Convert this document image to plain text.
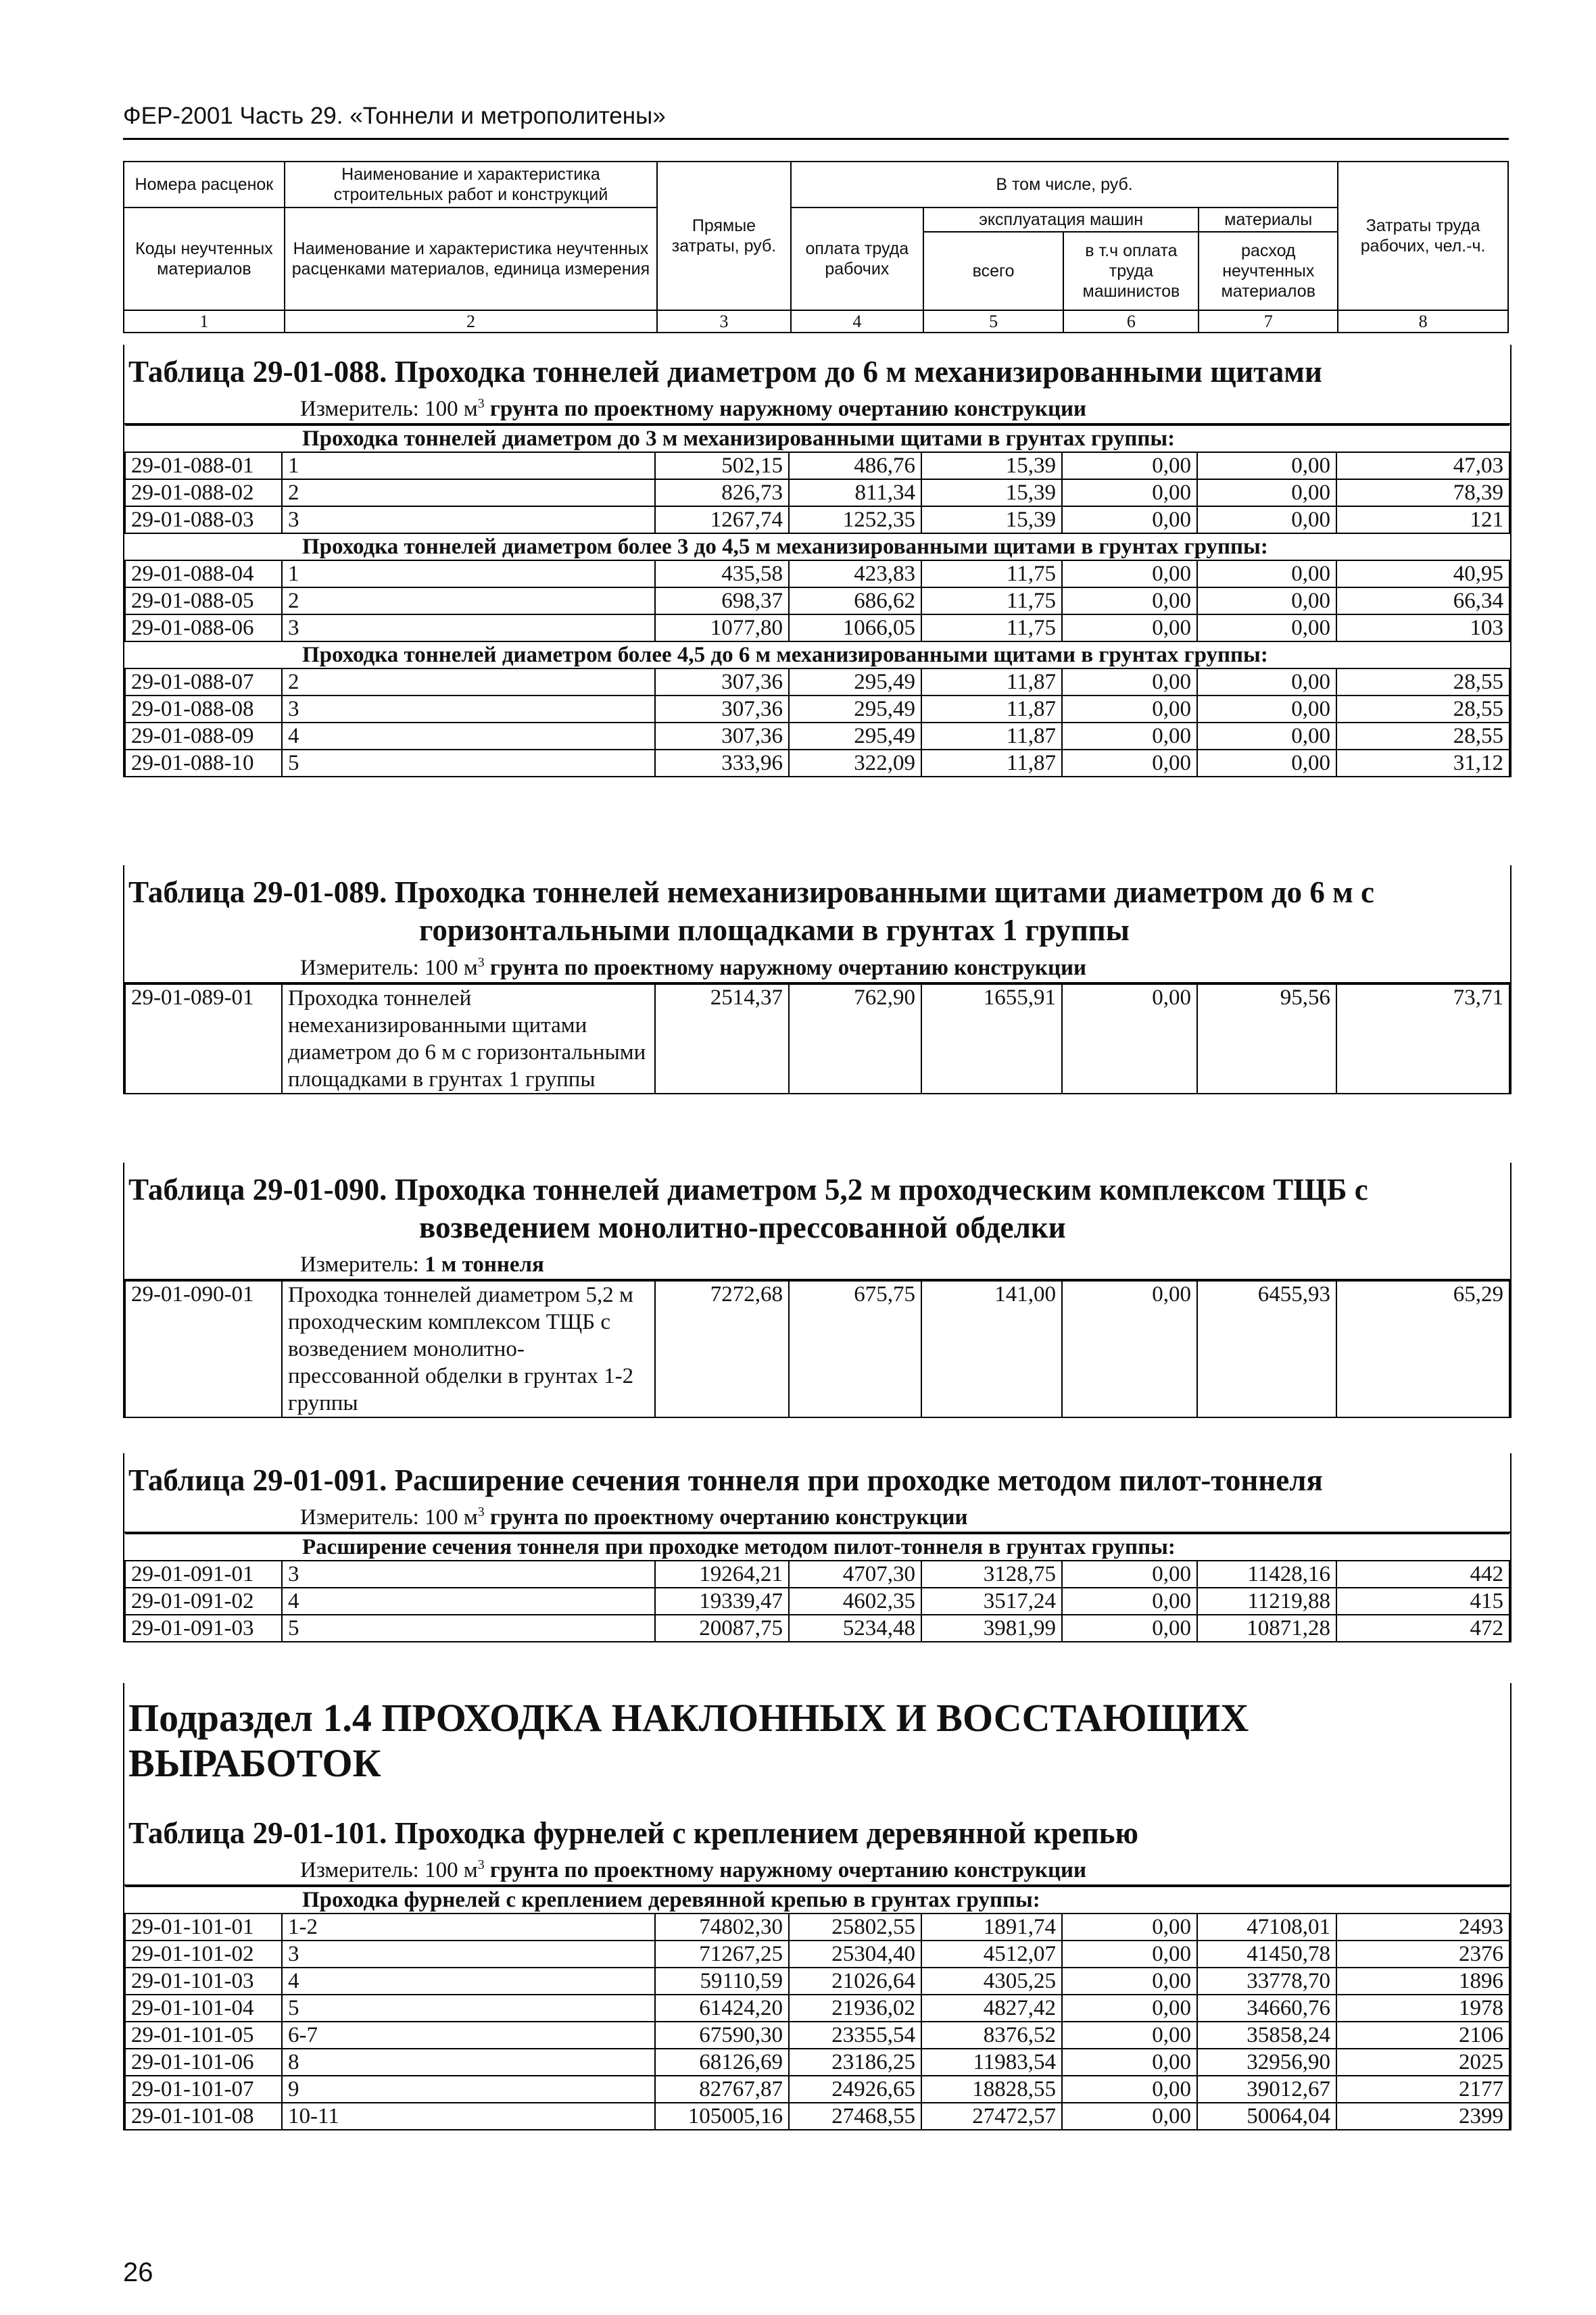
ФЕР-2001 Часть 29. «Тоннели и метрополитены»
Номера расценок	Наименование и характеристика строительных работ и конструкций	Прямые затраты, руб.	В том числе, руб.				Затраты труда рабочих, чел.-ч.
Коды неучтенных материалов	Наименование и характеристика неучтенных расценками материалов, единица измерения		оплата труда рабочих	эксплуатация машин		материалы	
				всего	в т.ч оплата труда машинистов	расход неучтенных материалов	
1	2	3	4	5	6	7	8
Таблица 29-01-088. Проходка тоннелей диаметром до 6 м механизированными щитами
Измеритель: 100 $м^3$ грунта по проектному наружному очертанию конструкции
Проходка тоннелей диаметром до 3 м механизированными щитами в грунтах группы:							
29-01-088-01	1	502,15	486,76	15,39	0,00	0,00	47,03
29-01-088-02	2	826,73	811,34	15,39	0,00	0,00	78,39
29-01-088-03	3	1267,74	1252,35	15,39	0,00	0,00	121
Проходка тоннелей диаметром более 3 до 4,5 м механизированными щитами в грунтах группы:							
29-01-088-04	1	435,58	423,83	11,75	0,00	0,00	40,95
29-01-088-05	2	698,37	686,62	11,75	0,00	0,00	66,34
29-01-088-06	3	1077,80	1066,05	11,75	0,00	0,00	103
Проходка тоннелей диаметром более 4,5 до 6 м механизированными щитами в грунтах группы:							
29-01-088-07	2	307,36	295,49	11,87	0,00	0,00	28,55
29-01-088-08	3	307,36	295,49	11,87	0,00	0,00	28,55
29-01-088-09	4	307,36	295,49	11,87	0,00	0,00	28,55
29-01-088-10	5	333,96	322,09	11,87	0,00	0,00	31,12
Таблица 29-01-089. Проходка тоннелей немеханизированными щитами диаметром до 6 м с
горизонтальными площадками в грунтах 1 группы
Измеритель: 100 $м^3$ грунта по проектному наружному очертанию конструкции
29-01-089-01	Проходка тоннелей немеханизированными щитами диаметром до 6 м с горизонтальными площадками в грунтах 1 группы	2514,37	762,90	1655,91	0,00	95,56	73,71
Таблица 29-01-090. Проходка тоннелей диаметром 5,2 м проходческим комплексом ТЩБ с
возведением монолитно-прессованной обделки
Измеритель: 1 м тоннеля
29-01-090-01	Проходка тоннелей диаметром 5,2 м проходческим комплексом ТЩБ с возведением монолитно-прессованной обделки в грунтах 1-2 группы	7272,68	675,75	141,00	0,00	6455,93	65,29
Таблица 29-01-091. Расширение сечения тоннеля при проходке методом пилот-тоннеля
Измеритель: 100 $м^3$ грунта по проектному очертанию конструкции
Расширение сечения тоннеля при проходке методом пилот-тоннеля в грунтах группы:							
29-01-091-01	3	19264,21	4707,30	3128,75	0,00	11428,16	442
29-01-091-02	4	19339,47	4602,35	3517,24	0,00	11219,88	415
29-01-091-03	5	20087,75	5234,48	3981,99	0,00	10871,28	472
Подраздел 1.4 ПРОХОДКА НАКЛОННЫХ И ВОССТАЮЩИХ ВЫРАБОТОК
Таблица 29-01-101. Проходка фурнелей с креплением деревянной крепью
Измеритель: 100 $м^3$ грунта по проектному наружному очертанию конструкции
Проходка фурнелей с креплением деревянной крепью в грунтах группы:							
29-01-101-01	1-2	74802,30	25802,55	1891,74	0,00	47108,01	2493
29-01-101-02	3	71267,25	25304,40	4512,07	0,00	41450,78	2376
29-01-101-03	4	59110,59	21026,64	4305,25	0,00	33778,70	1896
29-01-101-04	5	61424,20	21936,02	4827,42	0,00	34660,76	1978
29-01-101-05	6-7	67590,30	23355,54	8376,52	0,00	35858,24	2106
29-01-101-06	8	68126,69	23186,25	11983,54	0,00	32956,90	2025
29-01-101-07	9	82767,87	24926,65	18828,55	0,00	39012,67	2177
29-01-101-08	10-11	105005,16	27468,55	27472,57	0,00	50064,04	2399
26
